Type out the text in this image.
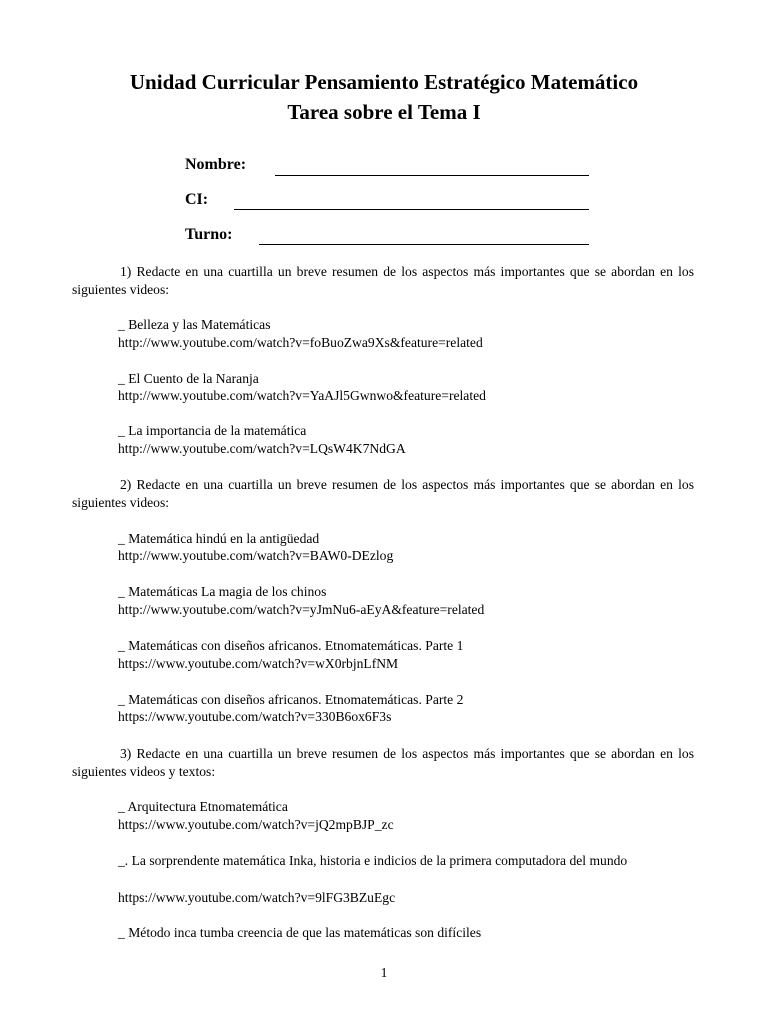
Unidad Curricular Pensamiento Estratégico Matemático
Tarea sobre el Tema I
Nombre:
CI:
Turno:
1) Redacte en una cuartilla un breve resumen de los aspectos más importantes que se abordan en los siguientes videos:
_ Belleza y las Matemáticas
http://www.youtube.com/watch?v=foBuoZwa9Xs&feature=related
_ El Cuento de la Naranja
http://www.youtube.com/watch?v=YaAJl5Gwnwo&feature=related
_ La importancia de la matemática
http://www.youtube.com/watch?v=LQsW4K7NdGA
2) Redacte en una cuartilla un breve resumen de los aspectos más importantes que se abordan en los siguientes videos:
_ Matemática hindú en la antigüedad
http://www.youtube.com/watch?v=BAW0-DEzlog
_ Matemáticas La magia de los chinos
http://www.youtube.com/watch?v=yJmNu6-aEyA&feature=related
_ Matemáticas con diseños africanos. Etnomatemáticas. Parte 1
https://www.youtube.com/watch?v=wX0rbjnLfNM
_ Matemáticas con diseños africanos. Etnomatemáticas. Parte 2
https://www.youtube.com/watch?v=330B6ox6F3s
3) Redacte en una cuartilla un breve resumen de los aspectos más importantes que se abordan en los siguientes videos y textos:
_ Arquitectura Etnomatemática
https://www.youtube.com/watch?v=jQ2mpBJP_zc
_. La sorprendente matemática Inka, historia e indicios de la primera computadora del mundo
https://www.youtube.com/watch?v=9lFG3BZuEgc
_ Método inca tumba creencia de que las matemáticas son difíciles
1
